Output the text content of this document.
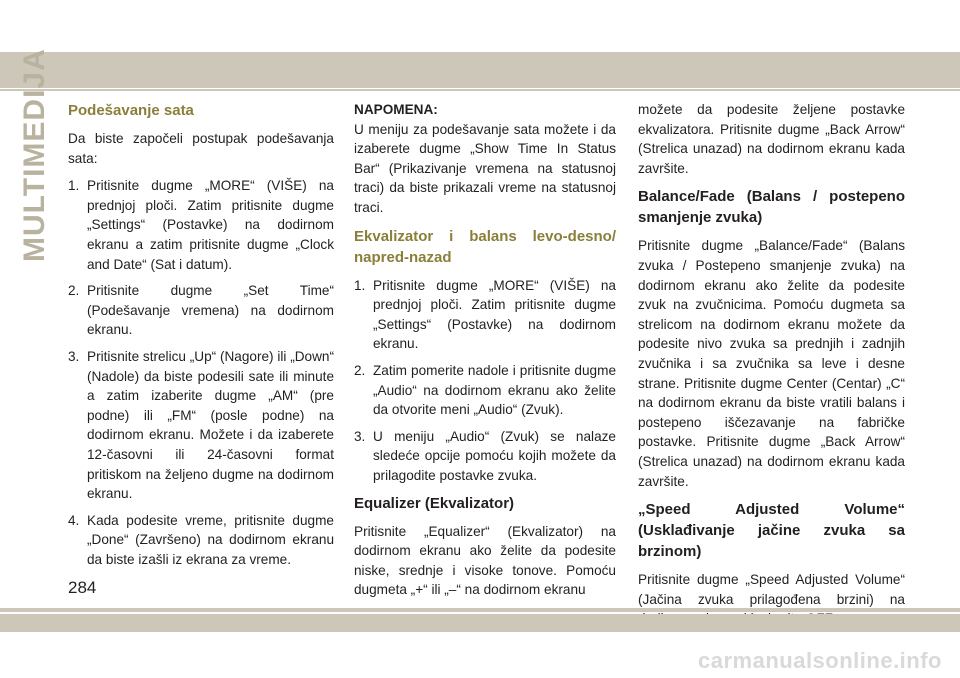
MULTIMEDIJA Podešavanje sata

Da biste započeli postupak podešavanja sata:

1. Pritisnite dugme „MORE“ (VIŠE) na prednjoj ploči. Zatim pritisnite dugme „Settings“ (Postavke) na dodirnom ekranu a zatim pritisnite dugme „Clock and Date“ (Sat i datum).
2. Pritisnite dugme „Set Time“ (Podešavanje vremena) na dodirnom ekranu.
3. Pritisnite strelicu „Up“ (Nagore) ili „Down“ (Nadole) da biste podesili sate ili minute a zatim izaberite dugme „AM“ (pre podne) ili „FM“ (posle podne) na dodirnom ekranu. Možete i da izaberete 12-časovni ili 24-časovni format pritiskom na željeno dugme na dodirnom ekranu.
4. Kada podesite vreme, pritisnite dugme „Done“ (Završeno) na dodirnom ekranu da biste izašli iz ekrana za vreme.
NAPOMENA:

U meniju za podešavanje sata možete i da izaberete dugme „Show Time In Status Bar“ (Prikazivanje vremena na statusnoj traci) da biste prikazali vreme na statusnoj traci.

Ekvalizator i balans levo-desno/ napred-nazad
1. Pritisnite dugme „MORE“ (VIŠE) na prednjoj ploči. Zatim pritisnite dugme „Settings“ (Postavke) na dodirnom ekranu.
2. Zatim pomerite nadole i pritisnite dugme „Audio“ na dodirnom ekranu ako želite da otvorite meni „Audio“ (Zvuk).
3. U meniju „Audio“ (Zvuk) se nalaze sledeće opcije pomoću kojih možete da prilagodite postavke zvuka.
Equalizer (Ekvalizator)

Pritisnite „Equalizer“ (Ekvalizator) na dodirnom ekranu ako želite da podesite niske, srednje i visoke tonove. Pomoću dugmeta „+“ ili „–“ na dodirnom ekranu

možete da podesite željene postavke ekvalizatora. Pritisnite dugme „Back Arrow“ (Strelica unazad) na dodirnom ekranu kada završite.

Balance/Fade (Balans / postepeno smanjenje zvuka)

Pritisnite dugme „Balance/Fade“ (Balans zvuka / Postepeno smanjenje zvuka) na dodirnom ekranu ako želite da podesite zvuk na zvučnicima. Pomoću dugmeta sa strelicom na dodirnom ekranu možete da podesite nivo zvuka sa prednjih i zadnjih zvučnika i sa zvučnika sa leve i desne strane. Pritisnite dugme Center (Centar) „C“ na dodirnom ekranu da biste vratili balans i postepeno iščezavanje na fabričke postavke. Pritisnite dugme „Back Arrow“ (Strelica unazad) na dodirnom ekranu kada završite.

„Speed Adjusted Volume“ (Usklađivanje jačine zvuka sa brzinom)

Pritisnite dugme „Speed Adjusted Volume“ (Jačina zvuka prilagođena brzini) na

284
carmanualsonline.info
